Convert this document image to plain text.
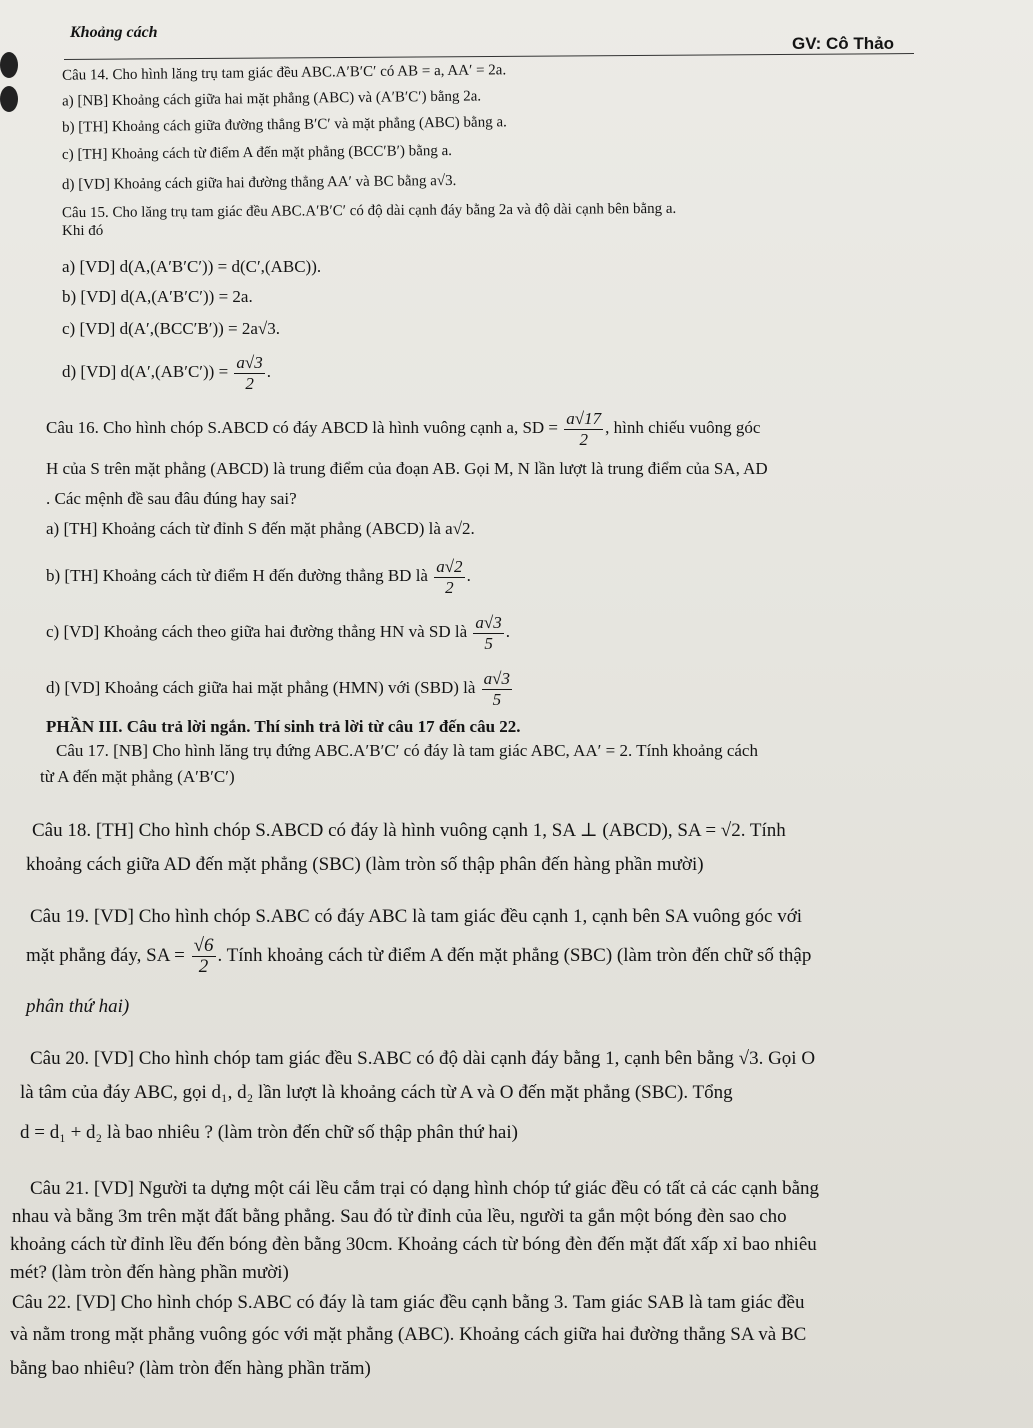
Khoảng cách
GV: Cô Thảo
Câu 14. Cho hình lăng trụ tam giác đều ABC.A′B′C′ có AB = a, AA′ = 2a.
a) [NB] Khoảng cách giữa hai mặt phẳng (ABC) và (A′B′C′) bằng 2a.
b) [TH] Khoảng cách giữa đường thẳng B′C′ và mặt phẳng (ABC) bằng a.
c) [TH] Khoảng cách từ điểm A đến mặt phẳng (BCC′B′) bằng a.
d) [VD] Khoảng cách giữa hai đường thẳng AA′ và BC bằng a√3.
Câu 15. Cho lăng trụ tam giác đều ABC.A′B′C′ có độ dài cạnh đáy bằng 2a và độ dài cạnh bên bằng a.
Khi đó
a) [VD] d(A,(A′B′C′)) = d(C′,(ABC)).
b) [VD] d(A,(A′B′C′)) = 2a.
c) [VD] d(A′,(BCC′B′)) = 2a√3.
d) [VD] $d(A',(AB'C')) = \frac{a√3}{2}$ .
Câu 16. Cho hình chóp S.ABCD có đáy ABCD là hình vuông cạnh a, SD = $\frac{a√17}{2}$ , hình chiếu vuông góc
H của S trên mặt phẳng (ABCD) là trung điểm của đoạn AB. Gọi M, N lần lượt là trung điểm của SA, AD
. Các mệnh đề sau đâu đúng hay sai?
a) [TH] Khoảng cách từ đỉnh S đến mặt phẳng (ABCD) là a√2.
b) [TH] Khoảng cách từ điểm H đến đường thẳng BD là $\frac{a√2}{2}$ .
c) [VD] Khoảng cách theo giữa hai đường thẳng HN và SD là $\frac{a√3}{5}$ .
d) [VD] Khoảng cách giữa hai mặt phẳng (HMN) với (SBD) là $\frac{a√3}{5}$
PHẦN III. Câu trả lời ngắn. Thí sinh trả lời từ câu 17 đến câu 22.
Câu 17. [NB] Cho hình lăng trụ đứng ABC.A′B′C′ có đáy là tam giác ABC, AA′ = 2. Tính khoảng cách
từ A đến mặt phẳng (A′B′C′)
Câu 18. [TH] Cho hình chóp S.ABCD có đáy là hình vuông cạnh 1, SA ⊥ (ABCD), SA = √2. Tính
khoảng cách giữa AD đến mặt phẳng (SBC) (làm tròn số thập phân đến hàng phần mười)
Câu 19. [VD] Cho hình chóp S.ABC có đáy ABC là tam giác đều cạnh 1, cạnh bên SA vuông góc với
mặt phẳng đáy, SA = $\frac{√6}{2}$ . Tính khoảng cách từ điểm A đến mặt phẳng (SBC) (làm tròn đến chữ số thập
phân thứ hai)
Câu 20. [VD] Cho hình chóp tam giác đều S.ABC có độ dài cạnh đáy bằng 1, cạnh bên bằng √3. Gọi O
là tâm của đáy ABC, gọi d₁, d₂ lần lượt là khoảng cách từ A và O đến mặt phẳng (SBC). Tổng
d = d₁ + d₂ là bao nhiêu ? (làm tròn đến chữ số thập phân thứ hai)
Câu 21. [VD] Người ta dựng một cái lều cắm trại có dạng hình chóp tứ giác đều có tất cả các cạnh bằng
nhau và bằng 3m trên mặt đất bằng phẳng. Sau đó từ đỉnh của lều, người ta gắn một bóng đèn sao cho
khoảng cách từ đỉnh lều đến bóng đèn bằng 30cm. Khoảng cách từ bóng đèn đến mặt đất xấp xỉ bao nhiêu
mét? (làm tròn đến hàng phần mười)
Câu 22. [VD] Cho hình chóp S.ABC có đáy là tam giác đều cạnh bằng 3. Tam giác SAB là tam giác đều
và nằm trong mặt phẳng vuông góc với mặt phẳng (ABC). Khoảng cách giữa hai đường thẳng SA và BC
bằng bao nhiêu? (làm tròn đến hàng phần trăm)
